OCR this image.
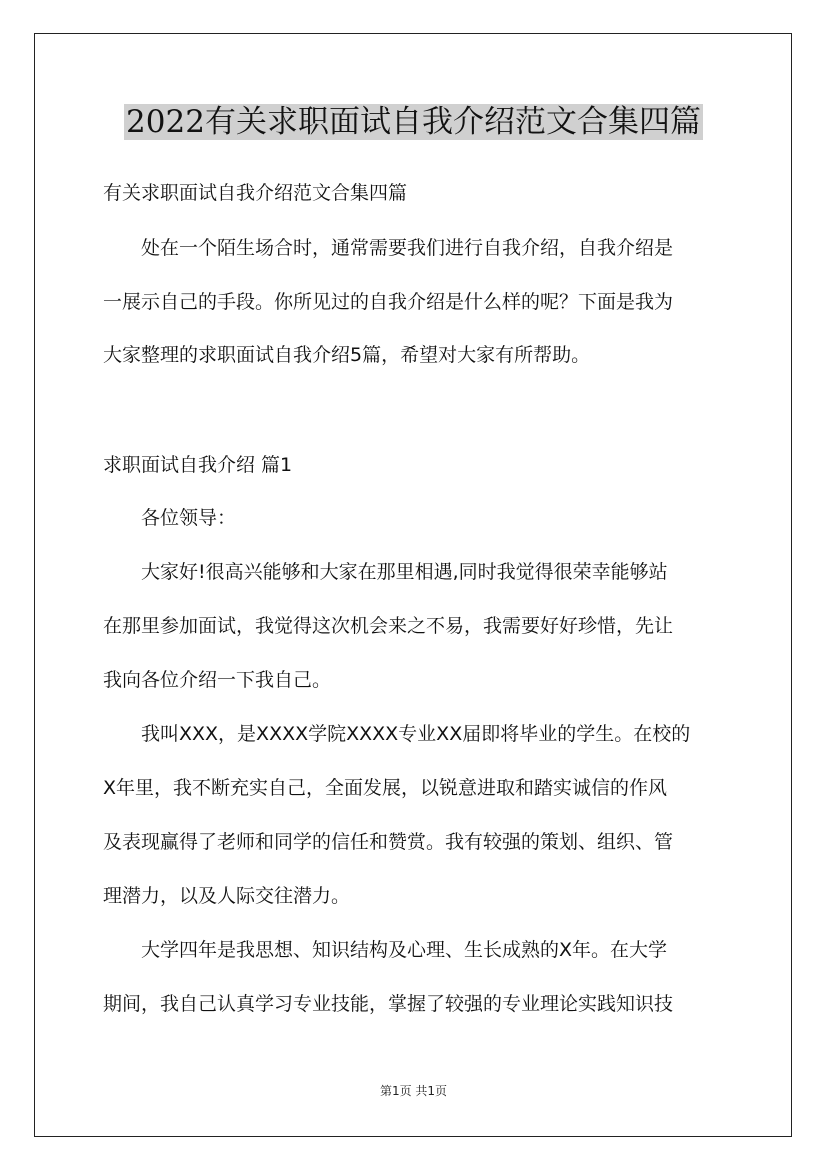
2022有关求职面试自我介绍范文合集四篇
有关求职面试自我介绍范文合集四篇
处在一个陌生场合时，通常需要我们进行自我介绍，自我介绍是
一展示自己的手段。你所见过的自我介绍是什么样的呢？下面是我为
大家整理的求职面试自我介绍5篇，希望对大家有所帮助。
求职面试自我介绍 篇1
各位领导：
大家好!很高兴能够和大家在那里相遇,同时我觉得很荣幸能够站
在那里参加面试，我觉得这次机会来之不易，我需要好好珍惜，先让
我向各位介绍一下我自己。
我叫XXX，是XXXX学院XXXX专业XX届即将毕业的学生。在校的
X年里，我不断充实自己，全面发展，以锐意进取和踏实诚信的作风
及表现赢得了老师和同学的信任和赞赏。我有较强的策划、组织、管
理潜力，以及人际交往潜力。
大学四年是我思想、知识结构及心理、生长成熟的X年。在大学
期间，我自己认真学习专业技能，掌握了较强的专业理论实践知识技
第1页 共1页
